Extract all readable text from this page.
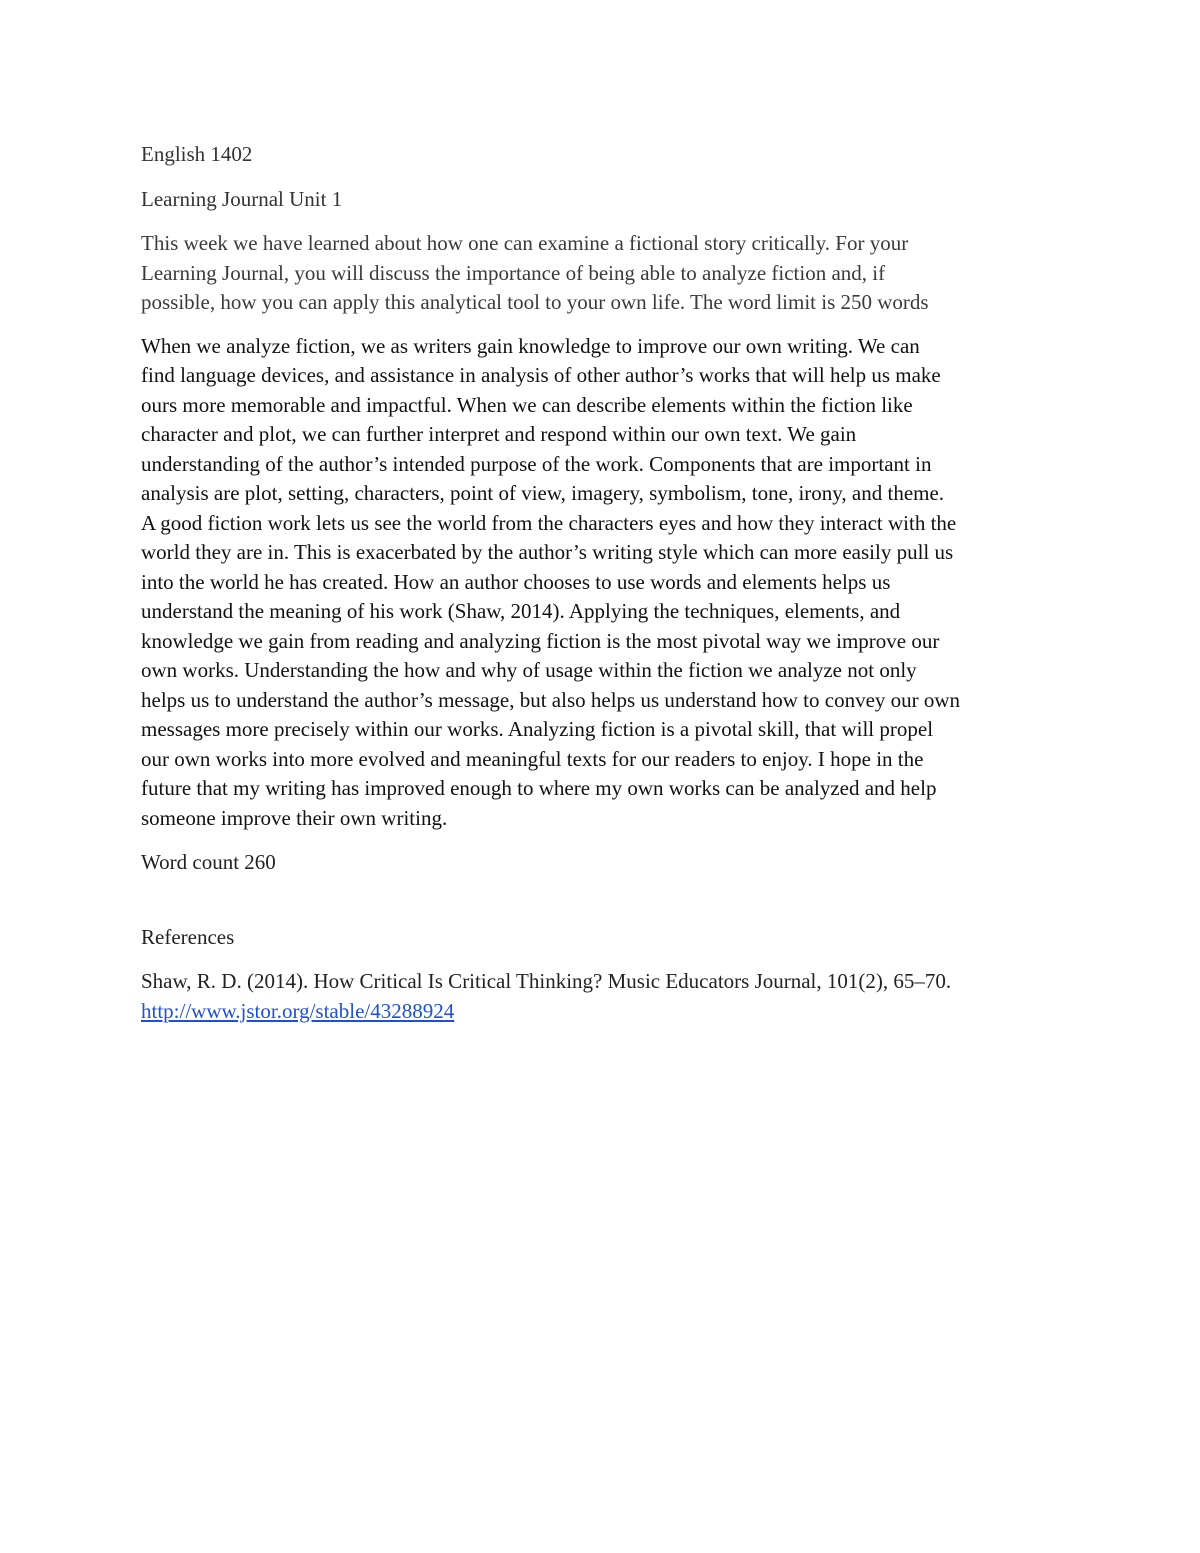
English 1402

Learning Journal Unit 1

This week we have learned about how one can examine a fictional story critically. For your
Learning Journal, you will discuss the importance of being able to analyze fiction and, if
possible, how you can apply this analytical tool to your own life. The word limit is 250 words
When we analyze fiction, we as writers gain knowledge to improve our own writing. We can
find language devices, and assistance in analysis of other author’s works that will help us make
ours more memorable and impactful. When we can describe elements within the fiction like
character and plot, we can further interpret and respond within our own text. We gain
understanding of the author’s intended purpose of the work. Components that are important in
analysis are plot, setting, characters, point of view, imagery, symbolism, tone, irony, and theme.
A good fiction work lets us see the world from the characters eyes and how they interact with the
world they are in. This is exacerbated by the author’s writing style which can more easily pull us
into the world he has created. How an author chooses to use words and elements helps us
understand the meaning of his work (Shaw, 2014). Applying the techniques, elements, and
knowledge we gain from reading and analyzing fiction is the most pivotal way we improve our
own works. Understanding the how and why of usage within the fiction we analyze not only
helps us to understand the author’s message, but also helps us understand how to convey our own
messages more precisely within our works. Analyzing fiction is a pivotal skill, that will propel
our own works into more evolved and meaningful texts for our readers to enjoy. I hope in the
future that my writing has improved enough to where my own works can be analyzed and help
someone improve their own writing.

Word count 260

References

Shaw, R. D. (2014). How Critical Is Critical Thinking? Music Educators Journal, 101(2), 65–70.
http://www.jstor.org/stable/43288924
